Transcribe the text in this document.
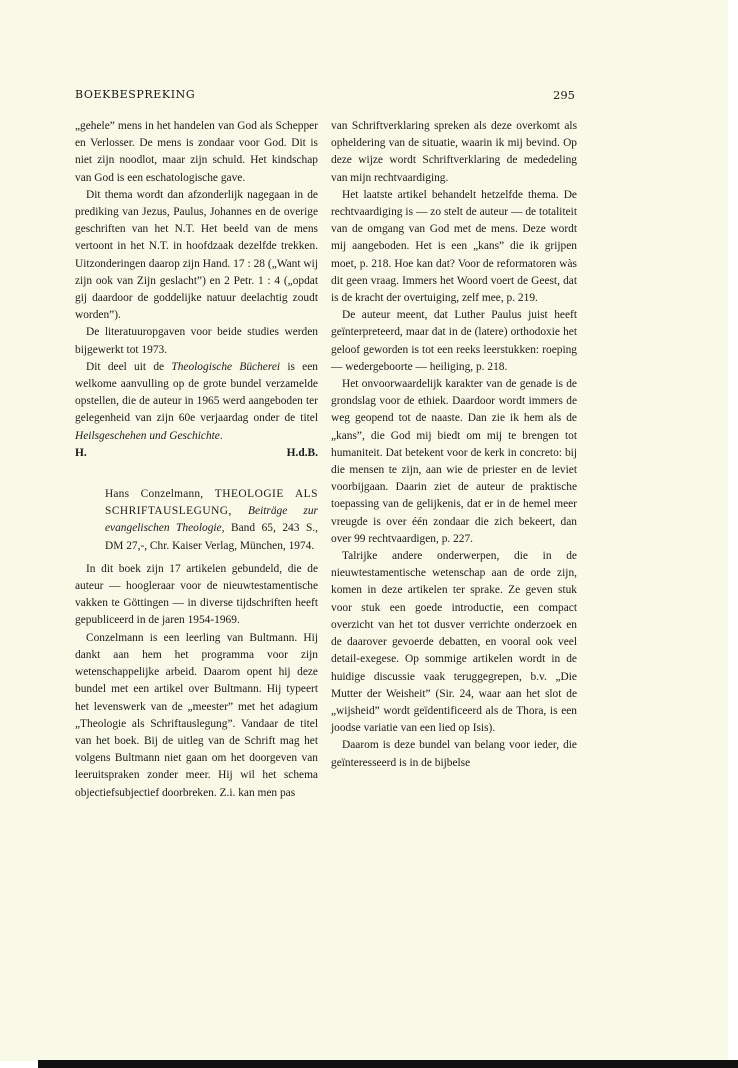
BOEKBESPREKING	295

„gehele” mens in het handelen van God als Schepper en Verlosser. De mens is zondaar voor God. Dit is niet zijn noodlot, maar zijn schuld. Het kindschap van God is een eschatologische gave.

Dit thema wordt dan afzonderlijk nagegaan in de prediking van Jezus, Paulus, Johannes en de overige geschriften van het N.T. Het beeld van de mens vertoont in het N.T. in hoofdzaak dezelfde trekken. Uitzonderingen daarop zijn Hand. 17 : 28 („Want wij zijn ook van Zijn geslacht”) en 2 Petr. 1 : 4 („opdat gij daardoor de goddelijke natuur deelachtig zoudt worden”).

De literatuuropgaven voor beide studies werden bijgewerkt tot 1973.

Dit deel uit de Theologische Bücherei is een welkome aanvulling op de grote bundel verzamelde opstellen, die de auteur in 1965 werd aangeboden ter gelegenheid van zijn 60e verjaardag onder de titel Heilsgeschehen und Geschichte.

H.	H.d.B.
Hans Conzelmann, THEOLOGIE ALS SCHRIFTAUSLEGUNG, Beiträge zur evangelischen Theologie, Band 65, 243 S., DM 27,-, Chr. Kaiser Verlag, München, 1974.

In dit boek zijn 17 artikelen gebundeld, die de auteur — hoogleraar voor de nieuwtestamentische vakken te Göttingen — in diverse tijdschriften heeft gepubliceerd in de jaren 1954-1969.

Conzelmann is een leerling van Bultmann. Hij dankt aan hem het programma voor zijn wetenschappelijke arbeid. Daarom opent hij deze bundel met een artikel over Bultmann. Hij typeert het levenswerk van de „meester” met het adagium „Theologie als Schriftauslegung”. Vandaar de titel van het boek. Bij de uitleg van de Schrift mag het volgens Bultmann niet gaan om het doorgeven van leeruitspraken zonder meer. Hij wil het schema objectiefsubjectief doorbreken. Z.i. kan men pas

van Schriftverklaring spreken als deze overkomt als opheldering van de situatie, waarin ik mij bevind. Op deze wijze wordt Schriftverklaring de mededeling van mijn rechtvaardiging.

Het laatste artikel behandelt hetzelfde thema. De rechtvaardiging is — zo stelt de auteur — de totaliteit van de omgang van God met de mens. Deze wordt mij aangeboden. Het is een „kans” die ik grijpen moet, p. 218. Hoe kan dat? Voor de reformatoren wàs dit geen vraag. Immers het Woord voert de Geest, dat is de kracht der overtuiging, zelf mee, p. 219.

De auteur meent, dat Luther Paulus juist heeft geïnterpreteerd, maar dat in de (latere) orthodoxie het geloof geworden is tot een reeks leerstukken: roeping — wedergeboorte — heiliging, p. 218.

Het onvoorwaardelijk karakter van de genade is de grondslag voor de ethiek. Daardoor wordt immers de weg geopend tot de naaste. Dan zie ik hem als de „kans”, die God mij biedt om mij te brengen tot humaniteit. Dat betekent voor de kerk in concreto: bij die mensen te zijn, aan wie de priester en de leviet voorbijgaan. Daarin ziet de auteur de praktische toepassing van de gelijkenis, dat er in de hemel meer vreugde is over één zondaar die zich bekeert, dan over 99 rechtvaardigen, p. 227.

Talrijke andere onderwerpen, die in de nieuwtestamentische wetenschap aan de orde zijn, komen in deze artikelen ter sprake. Ze geven stuk voor stuk een goede introductie, een compact overzicht van het tot dusver verrichte onderzoek en de daarover gevoerde debatten, en vooral ook veel detail-exegese. Op sommige artikelen wordt in de huidige discussie vaak teruggegrepen, b.v. „Die Mutter der Weisheit” (Sir. 24, waar aan het slot de „wijsheid” wordt geïdentificeerd als de Thora, is een joodse variatie van een lied op Isis).

Daarom is deze bundel van belang voor ieder, die geïnteresseerd is in de bijbelse
